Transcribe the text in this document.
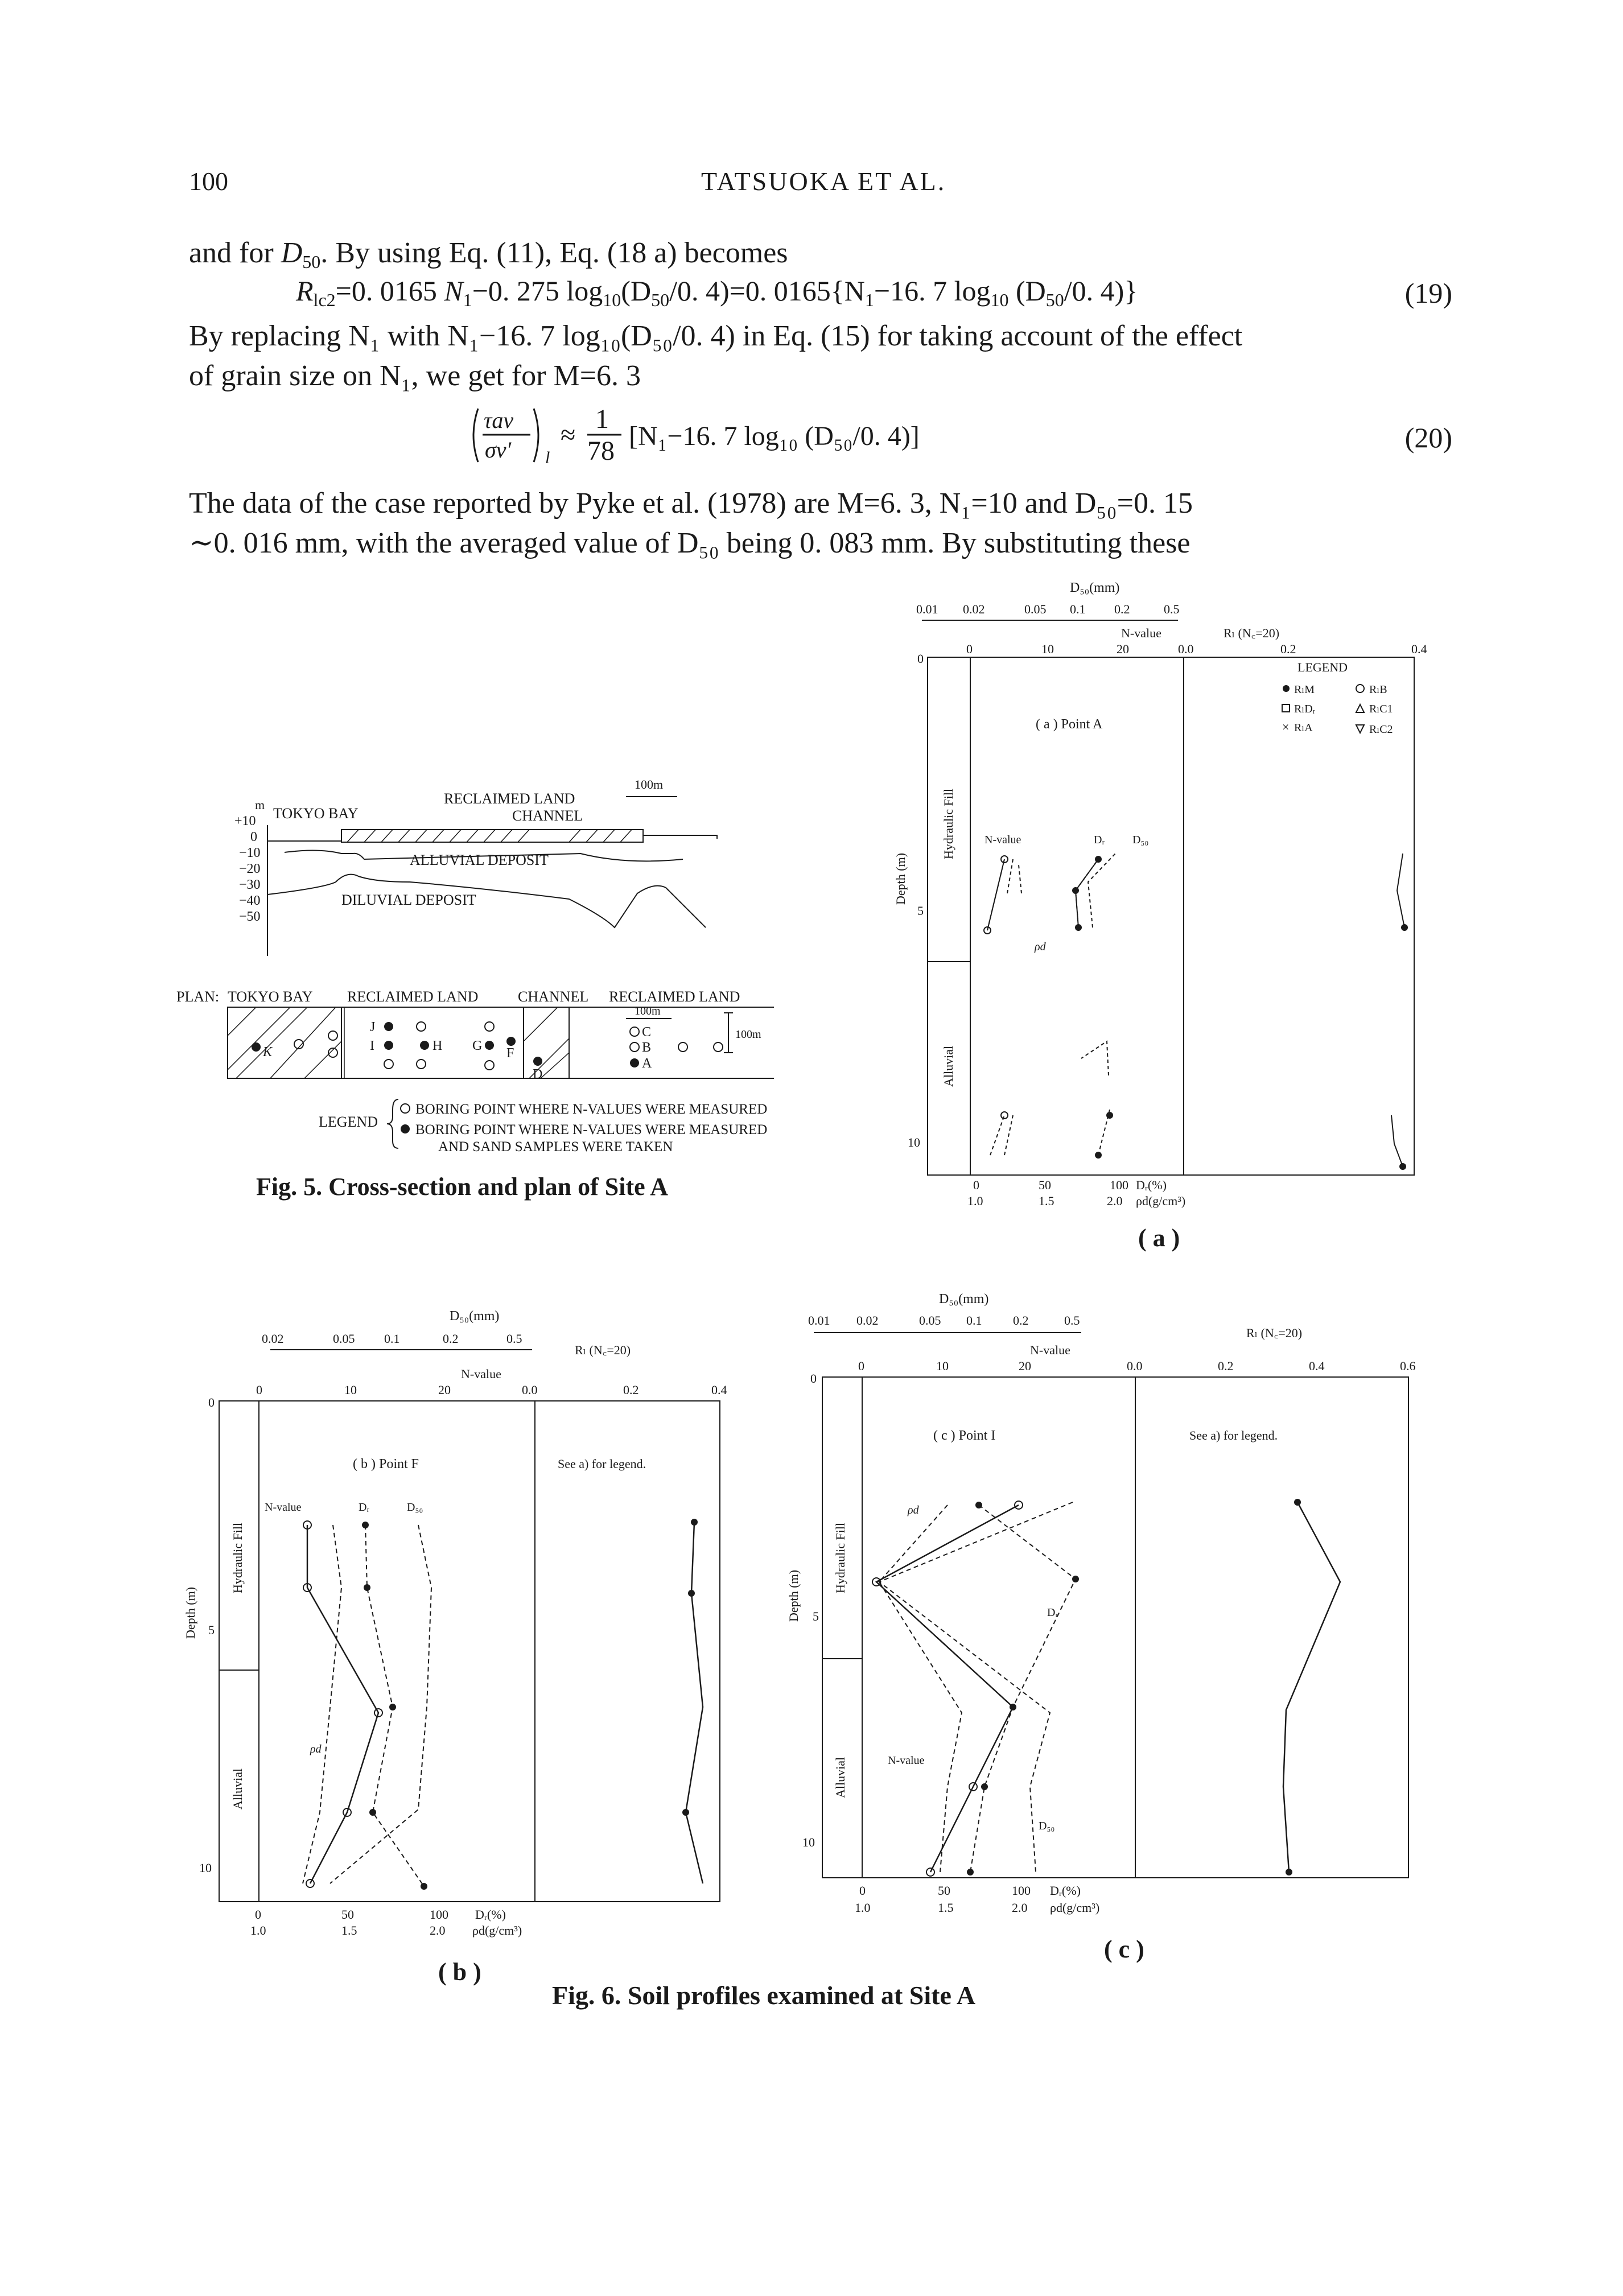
100	TATSUOKA ET AL.
and for $D_{50}$. By using Eq. (11), Eq. (18 a) becomes
$R_{lc2}=0$. 0165 $N_1-0$. 275 $\log_{10}(D_{50}/0$. 4)=0. $0165\{N_1-16$. 7 $\log_{10} (D_{50}/0$. 4)}	(19)
By replacing N₁ with N₁−16. 7 log₁₀(D₅₀/0. 4) in Eq. (15) for taking account of the effect
of grain size on N₁, we get for M=6. 3
τav
σv′ l
≈
1
78 [N₁−16. 7 log₁₀ (D₅₀/0. 4)]	(20)
The data of the case reported by Pyke et al. (1978) are M=6. 3, N₁=10 and D₅₀=0. 15
∼0. 016 mm, with the averaged value of D₅₀ being 0. 083 mm. By substituting these
m
+10
0
−10
−20
−30
−40
−50
TOKYO BAY
RECLAIMED LAND
CHANNEL
100m
ALLUVIAL DEPOSIT
DILUVIAL DEPOSIT
PLAN: TOKYO BAY RECLAIMED LAND	CHANNEL RECLAIMED LAND
K
J
I	H G F
D
100m
C
B
A
100m
LEGEND
BORING POINT WHERE N-VALUES WERE MEASURED
BORING POINT WHERE N-VALUES WERE MEASURED
AND SAND SAMPLES WERE TAKEN
Fig. 5. Cross-section and plan of Site A
D₅₀(mm)
0.01 0.02	0.05 0.1 0.2	0.5
N-value
0	10	20
Rₗ (N꜀=20)
0.0	0.2	0.4
0
5
10
Depth (m)
Hydraulic Fill
Alluvial
( a ) Point A
N-value	Dᵣ D₅₀
ρd
LEGEND
RₗM	RₗB
RₗDᵣ	RₗC1
× RₗA	RₗC2
0	50	100 Dᵣ(%)
1.0	1.5	2.0 ρd(g/cm³)
( a )
D₅₀(mm)
0.02	0.05 0.1	0.2	0.5
N-value
0	10	20
Rₗ (N꜀=20)
0.0	0.2	0.4
0
5
10
Depth (m)
Hydraulic Fill
Alluvial
( b ) Point F	See a) for legend.
N-value	Dᵣ	D₅₀
ρd
0	50	100 Dᵣ(%)
1.0	1.5	2.0 ρd(g/cm³)
( b )
D₅₀(mm)
0.01 0.02	0.05 0.1 0.2	0.5
N-value
0	10	20
Rₗ (N꜀=20)
0.0	0.2	0.4	0.6
0
5
10
Depth (m)
Hydraulic Fill
Alluvial
( c ) Point I	See a) for legend.
ρd
Dᵣ
N-value
D₅₀
0	50	100 Dᵣ(%)
1.0	1.5	2.0 ρd(g/cm³)
( c )
Fig. 6. Soil profiles examined at Site A
